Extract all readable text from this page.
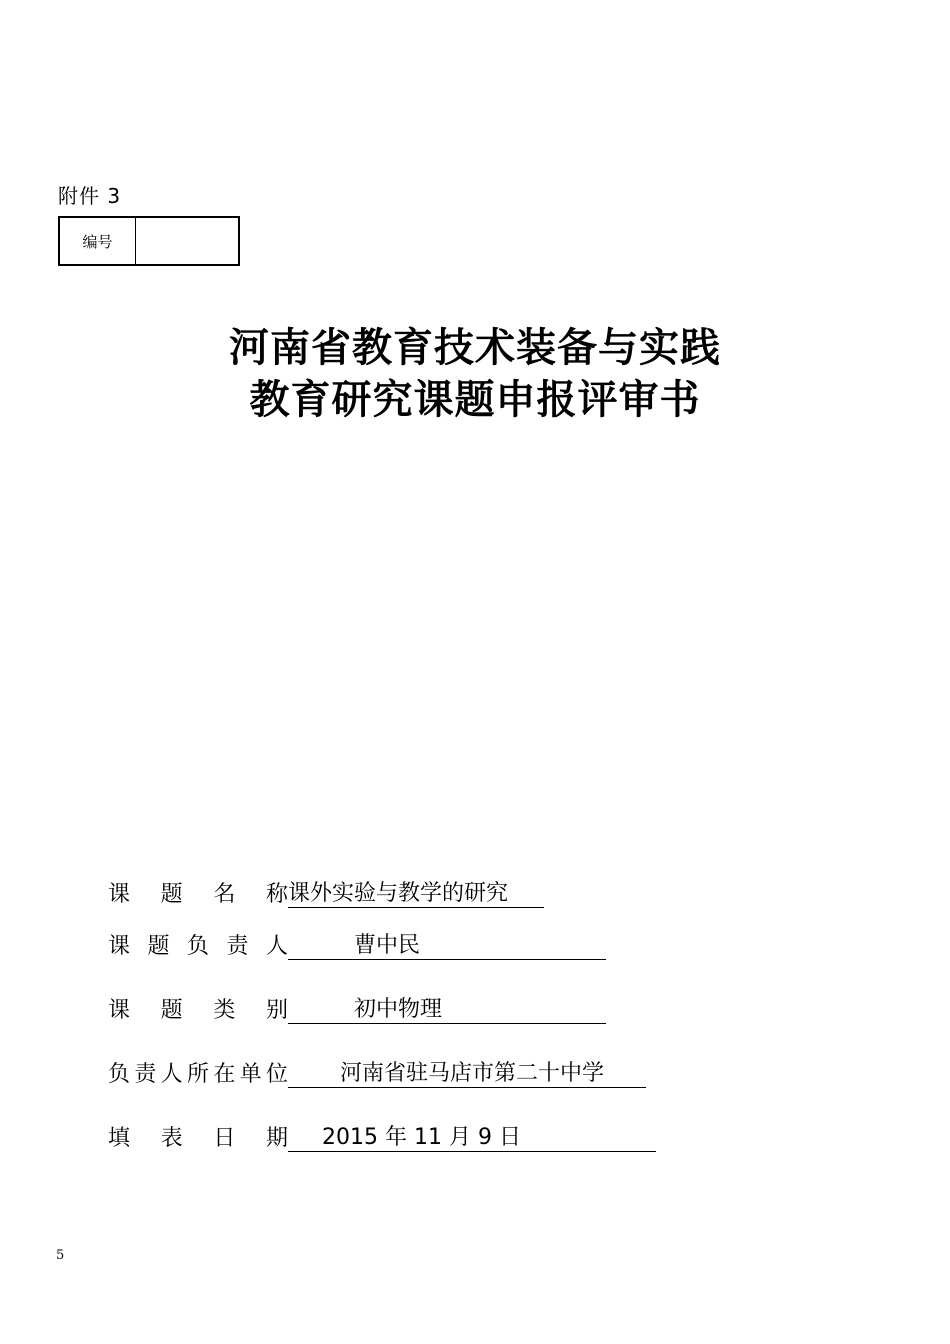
附件 3
编号
河南省教育技术装备与实践
教育研究课题申报评审书
课　题　名　称 课外实验与教学的研究
课题负责人	曹中民
课　题　类　别	初中物理
负责人所在单位	河南省驻马店市第二十中学
填　表　日　期	2015 年 11 月 9 日
5
